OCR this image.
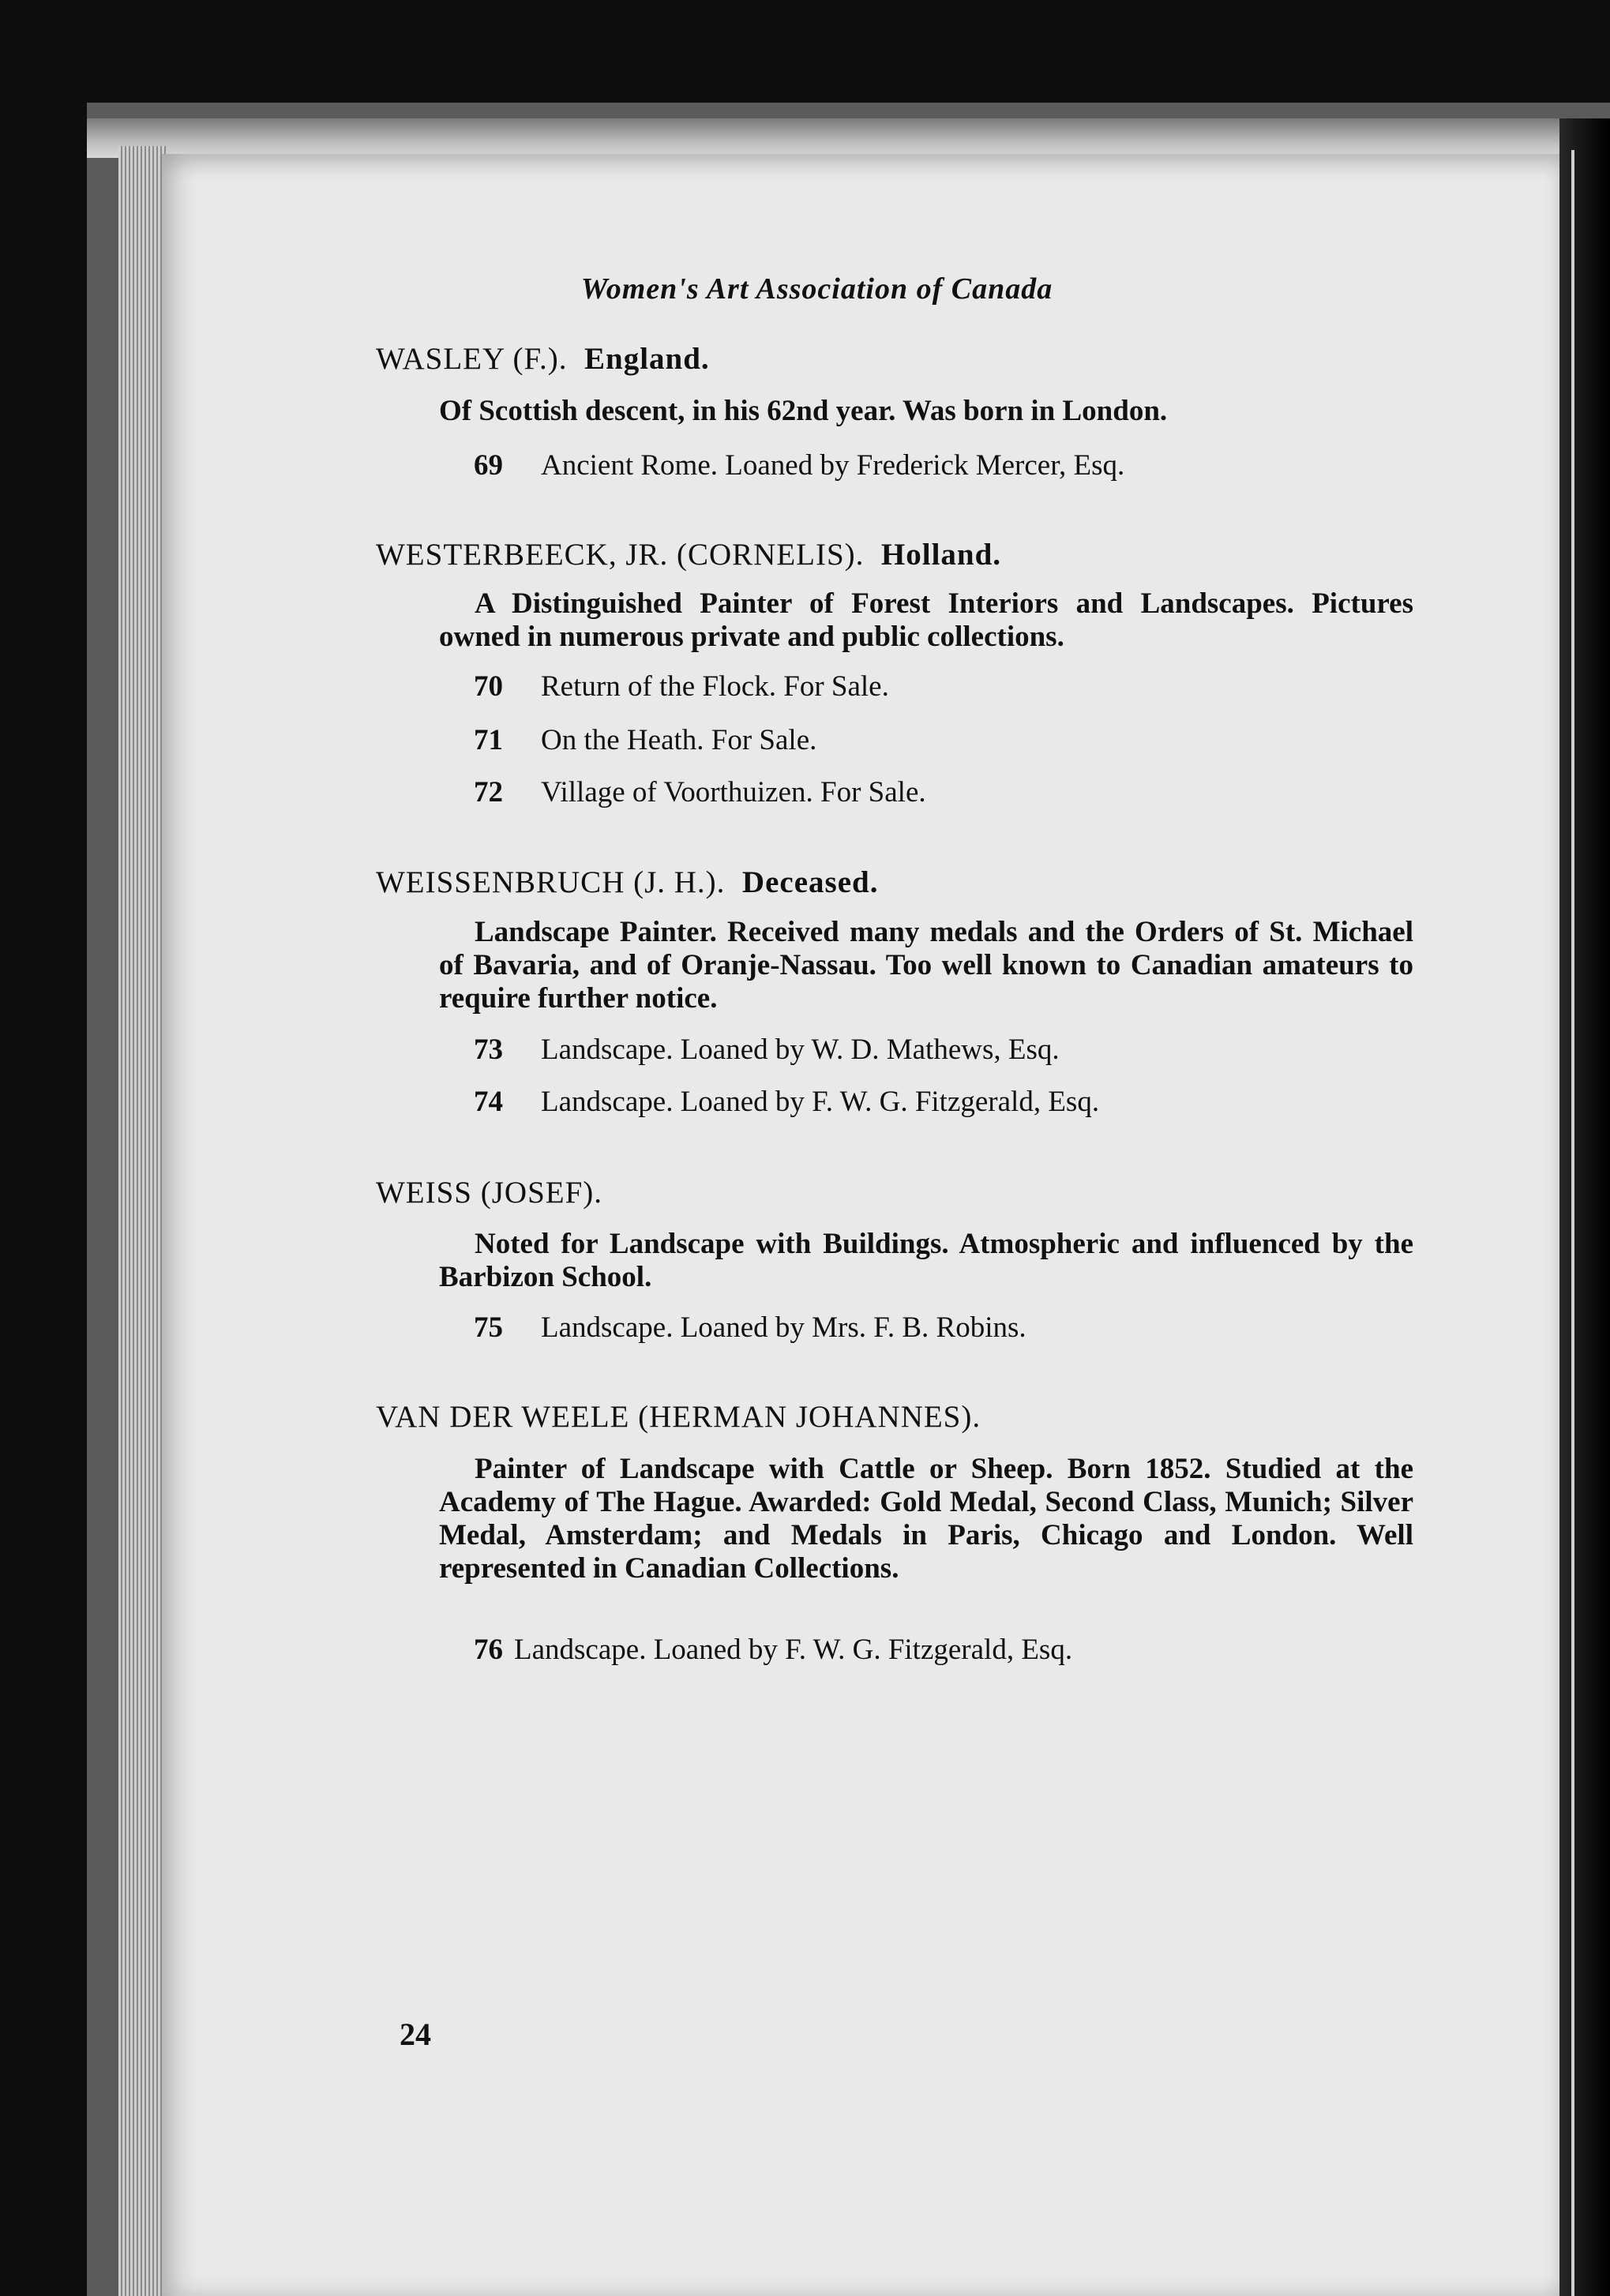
Women's Art Association of Canada
WASLEY (F.). England.
Of Scottish descent, in his 62nd year. Was born in London.
69 Ancient Rome. Loaned by Frederick Mercer, Esq.
WESTERBEECK, JR. (CORNELIS). Holland.
A Distinguished Painter of Forest Interiors and Landscapes. Pictures owned in numerous private and public collections.
70 Return of the Flock. For Sale.
71 On the Heath. For Sale.
72 Village of Voorthuizen. For Sale.
WEISSENBRUCH (J. H.). Deceased.
Landscape Painter. Received many medals and the Orders of St. Michael of Bavaria, and of Oranje-Nassau. Too well known to Canadian amateurs to require further notice.
73 Landscape. Loaned by W. D. Mathews, Esq.
74 Landscape. Loaned by F. W. G. Fitzgerald, Esq.
WEISS (JOSEF).
Noted for Landscape with Buildings. Atmospheric and influenced by the Barbizon School.
75 Landscape. Loaned by Mrs. F. B. Robins.
VAN DER WEELE (HERMAN JOHANNES).
Painter of Landscape with Cattle or Sheep. Born 1852. Studied at the Academy of The Hague. Awarded: Gold Medal, Second Class, Munich; Silver Medal, Amsterdam; and Medals in Paris, Chicago and London. Well represented in Canadian Collections.
76 Landscape. Loaned by F. W. G. Fitzgerald, Esq.
24
